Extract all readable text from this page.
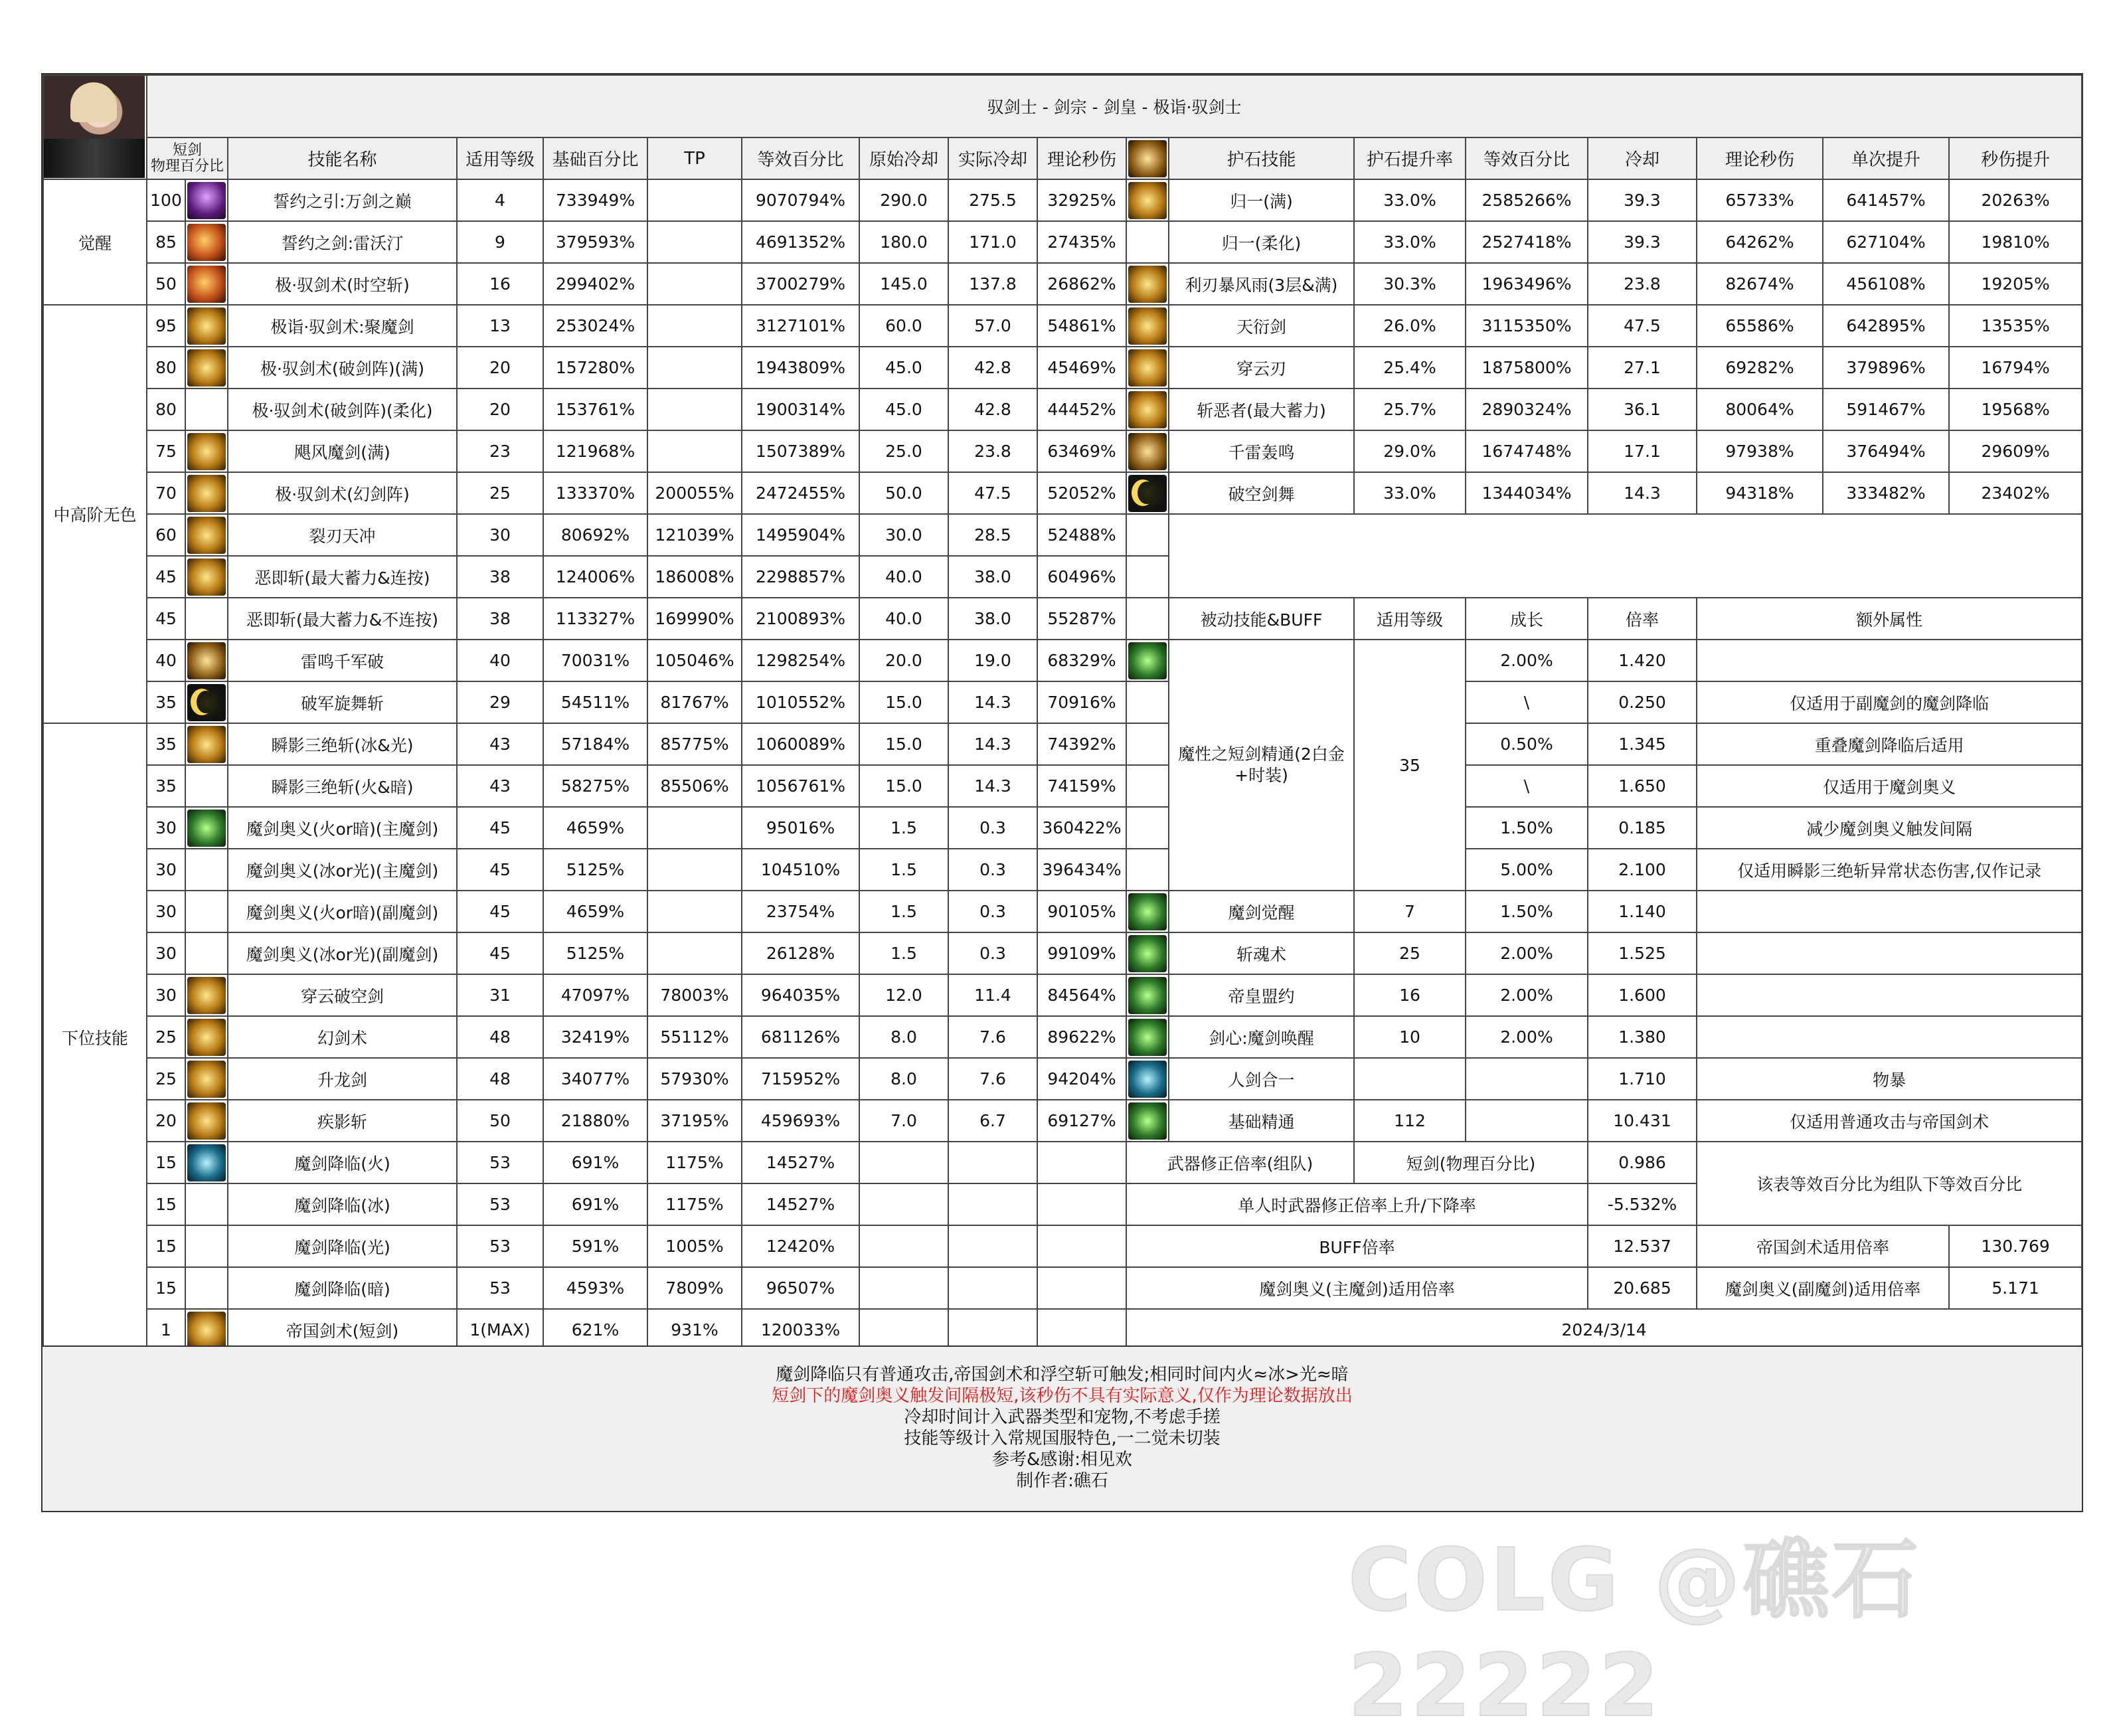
	驭剑士 - 剑宗 - 剑皇 - 极诣·驭剑士																	
	短剑
物理百分比		技能名称	适用等级	基础百分比	TP	等效百分比	原始冷却	实际冷却	理论秒伤		护石技能	护石提升率	等效百分比	冷却	理论秒伤	单次提升	秒伤提升
觉醒	100		誓约之引:万剑之巅	4	733949%		9070794%	290.0	275.5	32925%		归一(满)	33.0%	2585266%	39.3	65733%	641457%	20263%
	85		誓约之剑:雷沃汀	9	379593%		4691352%	180.0	171.0	27435%		归一(柔化)	33.0%	2527418%	39.3	64262%	627104%	19810%
	50		极·驭剑术(时空斩)	16	299402%		3700279%	145.0	137.8	26862%		利刃暴风雨(3层&满)	30.3%	1963496%	23.8	82674%	456108%	19205%
中高阶无色	95		极诣·驭剑术:聚魔剑	13	253024%		3127101%	60.0	57.0	54861%		天衍剑	26.0%	3115350%	47.5	65586%	642895%	13535%
	80		极·驭剑术(破剑阵)(满)	20	157280%		1943809%	45.0	42.8	45469%		穿云刃	25.4%	1875800%	27.1	69282%	379896%	16794%
	80		极·驭剑术(破剑阵)(柔化)	20	153761%		1900314%	45.0	42.8	44452%		斩恶者(最大蓄力)	25.7%	2890324%	36.1	80064%	591467%	19568%
	75		飓风魔剑(满)	23	121968%		1507389%	25.0	23.8	63469%		千雷轰鸣	29.0%	1674748%	17.1	97938%	376494%	29609%
	70		极·驭剑术(幻剑阵)	25	133370%	200055%	2472455%	50.0	47.5	52052%		破空剑舞	33.0%	1344034%	14.3	94318%	333482%	23402%
	60		裂刃天冲	30	80692%	121039%	1495904%	30.0	28.5	52488%								
	45		恶即斩(最大蓄力&连按)	38	124006%	186008%	2298857%	40.0	38.0	60496%								
	45		恶即斩(最大蓄力&不连按)	38	113327%	169990%	2100893%	40.0	38.0	55287%		被动技能&BUFF	适用等级	成长	倍率	额外属性		
	40		雷鸣千军破	40	70031%	105046%	1298254%	20.0	19.0	68329%		魔性之短剑精通(2白金+时装)	35	2.00%	1.420			
	35		破军旋舞斩	29	54511%	81767%	1010552%	15.0	14.3	70916%				\	0.250	仅适用于副魔剑的魔剑降临		
下位技能	35		瞬影三绝斩(冰&光)	43	57184%	85775%	1060089%	15.0	14.3	74392%				0.50%	1.345	重叠魔剑降临后适用		
	35		瞬影三绝斩(火&暗)	43	58275%	85506%	1056761%	15.0	14.3	74159%				\	1.650	仅适用于魔剑奥义		
	30		魔剑奥义(火or暗)(主魔剑)	45	4659%		95016%	1.5	0.3	360422%				1.50%	0.185	减少魔剑奥义触发间隔		
	30		魔剑奥义(冰or光)(主魔剑)	45	5125%		104510%	1.5	0.3	396434%				5.00%	2.100	仅适用瞬影三绝斩异常状态伤害,仅作记录		
	30		魔剑奥义(火or暗)(副魔剑)	45	4659%		23754%	1.5	0.3	90105%		魔剑觉醒	7	1.50%	1.140			
	30		魔剑奥义(冰or光)(副魔剑)	45	5125%		26128%	1.5	0.3	99109%		斩魂术	25	2.00%	1.525			
	30		穿云破空剑	31	47097%	78003%	964035%	12.0	11.4	84564%		帝皇盟约	16	2.00%	1.600			
	25		幻剑术	48	32419%	55112%	681126%	8.0	7.6	89622%		剑心:魔剑唤醒	10	2.00%	1.380			
	25		升龙剑	48	34077%	57930%	715952%	8.0	7.6	94204%		人剑合一			1.710	物暴		
	20		疾影斩	50	21880%	37195%	459693%	7.0	6.7	69127%		基础精通	112		10.431	仅适用普通攻击与帝国剑术		
	15		魔剑降临(火)	53	691%	1175%	14527%				武器修正倍率(组队)		短剑(物理百分比)		0.986	该表等效百分比为组队下等效百分比		
	15		魔剑降临(冰)	53	691%	1175%	14527%				单人时武器修正倍率上升/下降率				-5.532%			
	15		魔剑降临(光)	53	591%	1005%	12420%				BUFF倍率				12.537	帝国剑术适用倍率		130.769
	15		魔剑降临(暗)	53	4593%	7809%	96507%				魔剑奥义(主魔剑)适用倍率				20.685	魔剑奥义(副魔剑)适用倍率		5.171
	1		帝国剑术(短剑)	1(MAX)	621%	931%	120033%				2024/3/14							
魔剑降临只有普通攻击,帝国剑术和浮空斩可触发;相同时间内火≈冰>光≈暗
短剑下的魔剑奥义触发间隔极短,该秒伤不具有实际意义,仅作为理论数据放出
冷却时间计入武器类型和宠物,不考虑手搓
技能等级计入常规国服特色,一二觉未切装
参考&感谢:相见欢
制作者:礁石
COLG @礁石22222
